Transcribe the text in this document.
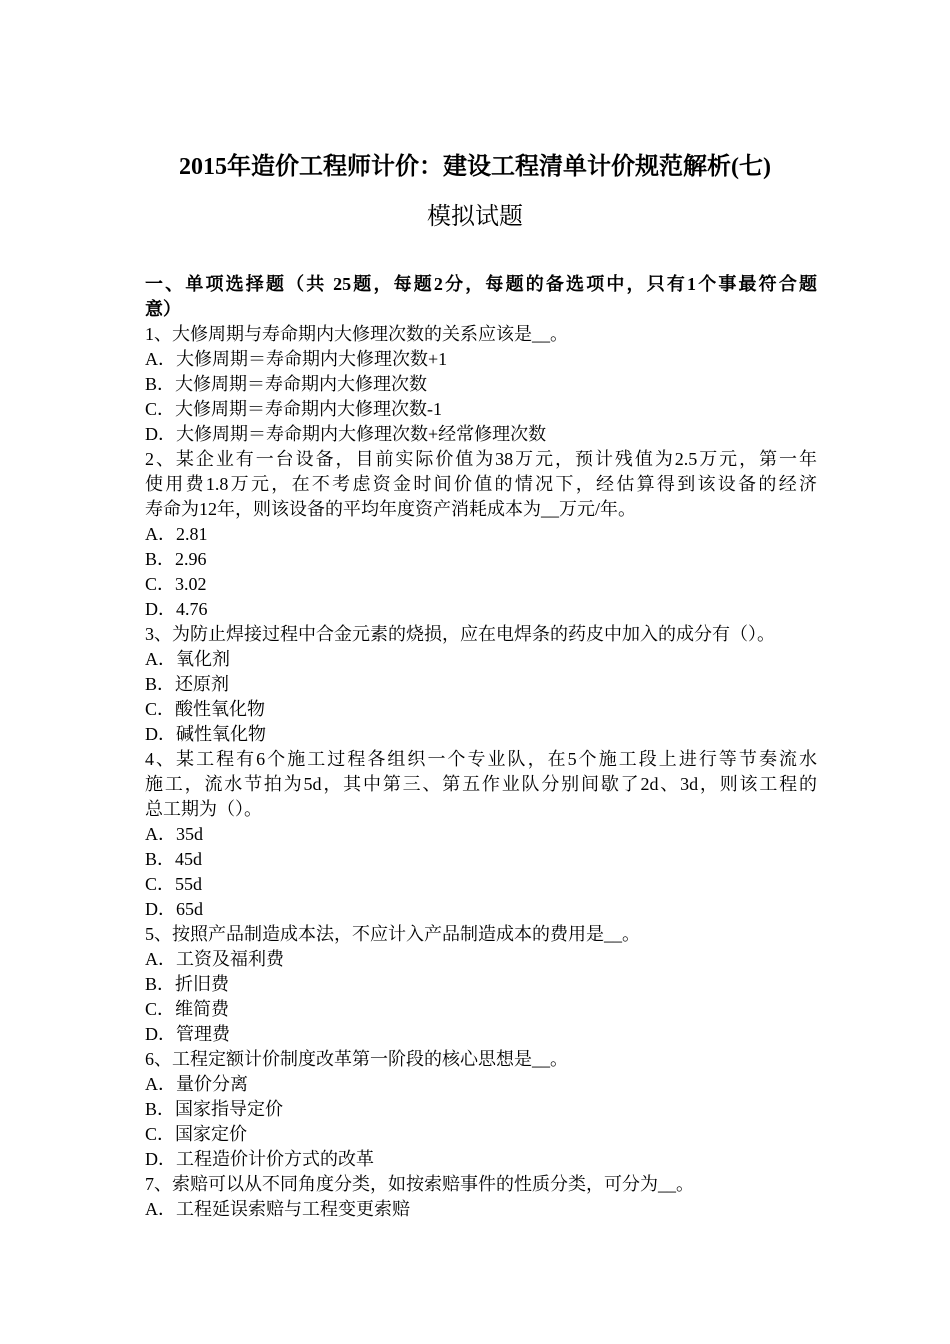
2015年造价工程师计价：建设工程清单计价规范解析(七)
模拟试题

一、单项选择题（共 25题，每题2分，每题的备选项中，只有1个事最符合题

意）

1、大修周期与寿命期内大修理次数的关系应该是__。

A．大修周期＝寿命期内大修理次数+1

B．大修周期＝寿命期内大修理次数

C．大修周期＝寿命期内大修理次数-1

D．大修周期＝寿命期内大修理次数+经常修理次数

2、某企业有一台设备，目前实际价值为38万元，预计残值为2.5万元，第一年

使用费1.8万元，在不考虑资金时间价值的情况下，经估算得到该设备的经济

寿命为12年，则该设备的平均年度资产消耗成本为__万元/年。

A．2.81

B．2.96

C．3.02

D．4.76

3、为防止焊接过程中合金元素的烧损，应在电焊条的药皮中加入的成分有（）。

A．氧化剂

B．还原剂

C．酸性氧化物

D．碱性氧化物

4、某工程有6个施工过程各组织一个专业队，在5个施工段上进行等节奏流水

施工，流水节拍为5d，其中第三、第五作业队分别间歇了2d、3d，则该工程的

总工期为（）。

A．35d

B．45d

C．55d

D．65d

5、按照产品制造成本法，不应计入产品制造成本的费用是__。

A．工资及福利费

B．折旧费

C．维简费

D．管理费

6、工程定额计价制度改革第一阶段的核心思想是__。

A．量价分离

B．国家指导定价

C．国家定价

D．工程造价计价方式的改革

7、索赔可以从不同角度分类，如按索赔事件的性质分类，可分为__。

A．工程延误索赔与工程变更索赔
